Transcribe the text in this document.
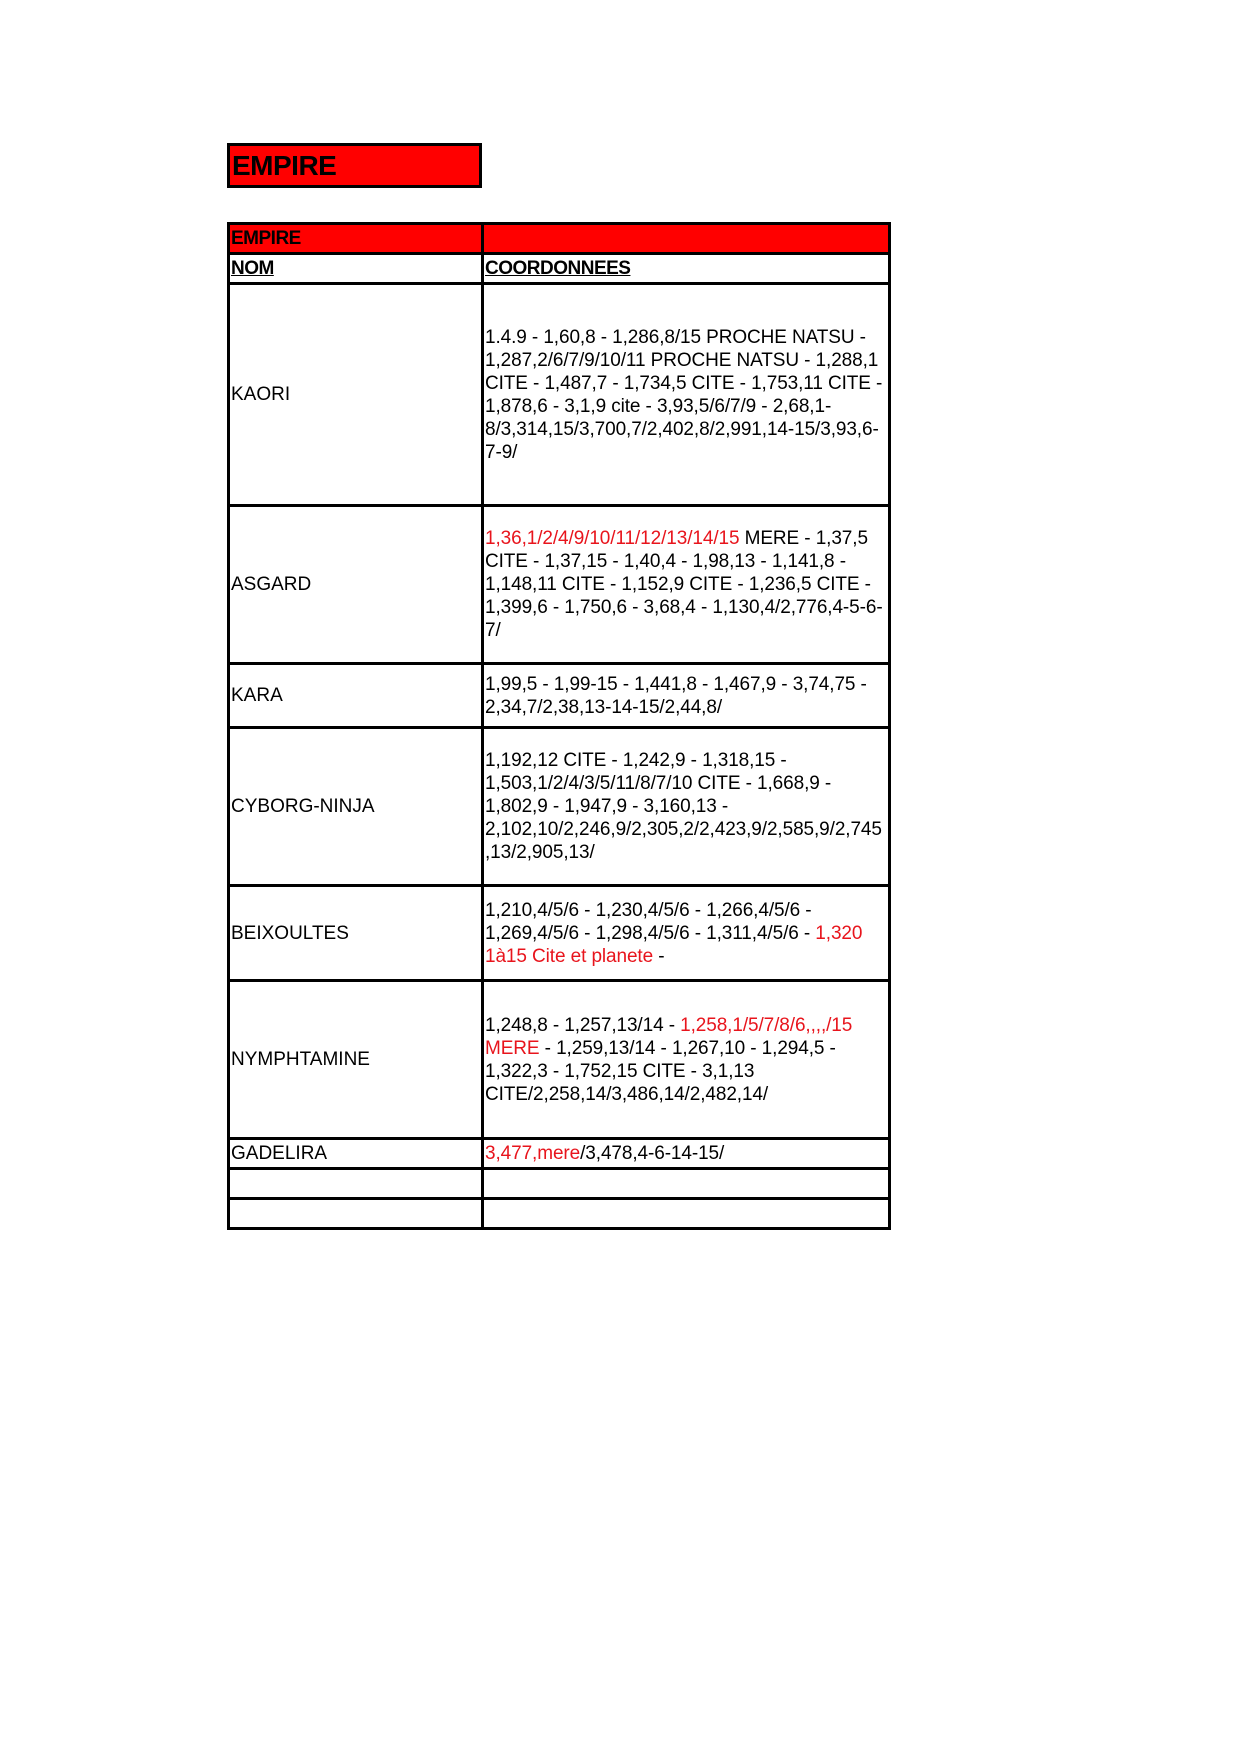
EMPIRE
EMPIRE	
NOM	COORDONNEES
KAORI	1.4.9 - 1,60,8 - 1,286,8/15 PROCHE NATSU - 1,287,2/6/7/9/10/11 PROCHE NATSU - 1,288,1 CITE - 1,487,7 - 1,734,5 CITE - 1,753,11 CITE - 1,878,6 - 3,1,9 cite - 3,93,5/6/7/9 - 2,68,1-8/3,314,15/3,700,7/2,402,8/2,991,14-15/3,93,6-7-9/
ASGARD	1,36,1/2/4/9/10/11/12/13/14/15 MERE - 1,37,5 CITE - 1,37,15 - 1,40,4 - 1,98,13 - 1,141,8 - 1,148,11 CITE - 1,152,9 CITE - 1,236,5 CITE - 1,399,6 - 1,750,6 - 3,68,4 - 1,130,4/2,776,4-5-6-7/
KARA	1,99,5 - 1,99-15 - 1,441,8 - 1,467,9 - 3,74,75 - 2,34,7/2,38,13-14-15/2,44,8/
CYBORG-NINJA	1,192,12 CITE - 1,242,9 - 1,318,15 - 1,503,1/2/4/3/5/11/8/7/10 CITE - 1,668,9 - 1,802,9 - 1,947,9 - 3,160,13 - 2,102,10/2,246,9/2,305,2/2,423,9/2,585,9/2,745,13/2,905,13/
BEIXOULTES	1,210,4/5/6 - 1,230,4/5/6 - 1,266,4/5/6 - 1,269,4/5/6 - 1,298,4/5/6 - 1,311,4/5/6 - 1,320 1à15 Cite et planete -
NYMPHTAMINE	1,248,8 - 1,257,13/14 - 1,258,1/5/7/8/6,,,,/15 MERE - 1,259,13/14 - 1,267,10 - 1,294,5 - 1,322,3 - 1,752,15 CITE - 3,1,13 CITE/2,258,14/3,486,14/2,482,14/
GADELIRA	3,477,mere/3,478,4-6-14-15/
